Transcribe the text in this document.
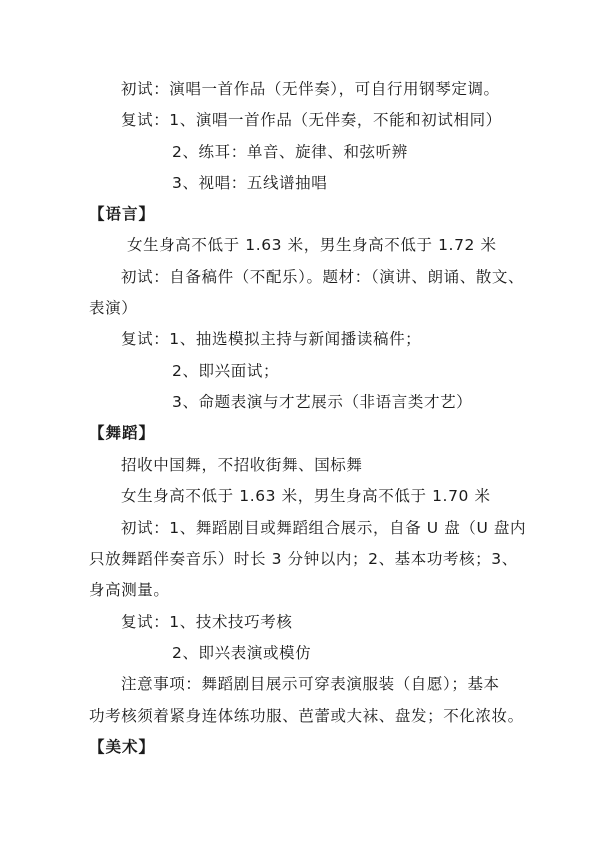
初试：演唱一首作品（无伴奏），可自行用钢琴定调。
复试：1、演唱一首作品（无伴奏，不能和初试相同）
2、练耳：单音、旋律、和弦听辨
3、视唱：五线谱抽唱
【语言】
女生身高不低于 1.63 米，男生身高不低于 1.72 米
初试：自备稿件（不配乐）。题材：（演讲、朗诵、散文、
表演）
复试：1、抽选模拟主持与新闻播读稿件；
2、即兴面试；
3、命题表演与才艺展示（非语言类才艺）
【舞蹈】
招收中国舞，不招收街舞、国标舞
女生身高不低于 1.63 米，男生身高不低于 1.70 米
初试：1、舞蹈剧目或舞蹈组合展示，自备 U 盘（U 盘内
只放舞蹈伴奏音乐）时长 3 分钟以内；2、基本功考核；3、
身高测量。
复试：1、技术技巧考核
2、即兴表演或模仿
注意事项：舞蹈剧目展示可穿表演服装（自愿）；基本
功考核须着紧身连体练功服、芭蕾或大袜、盘发；不化浓妆。
【美术】
